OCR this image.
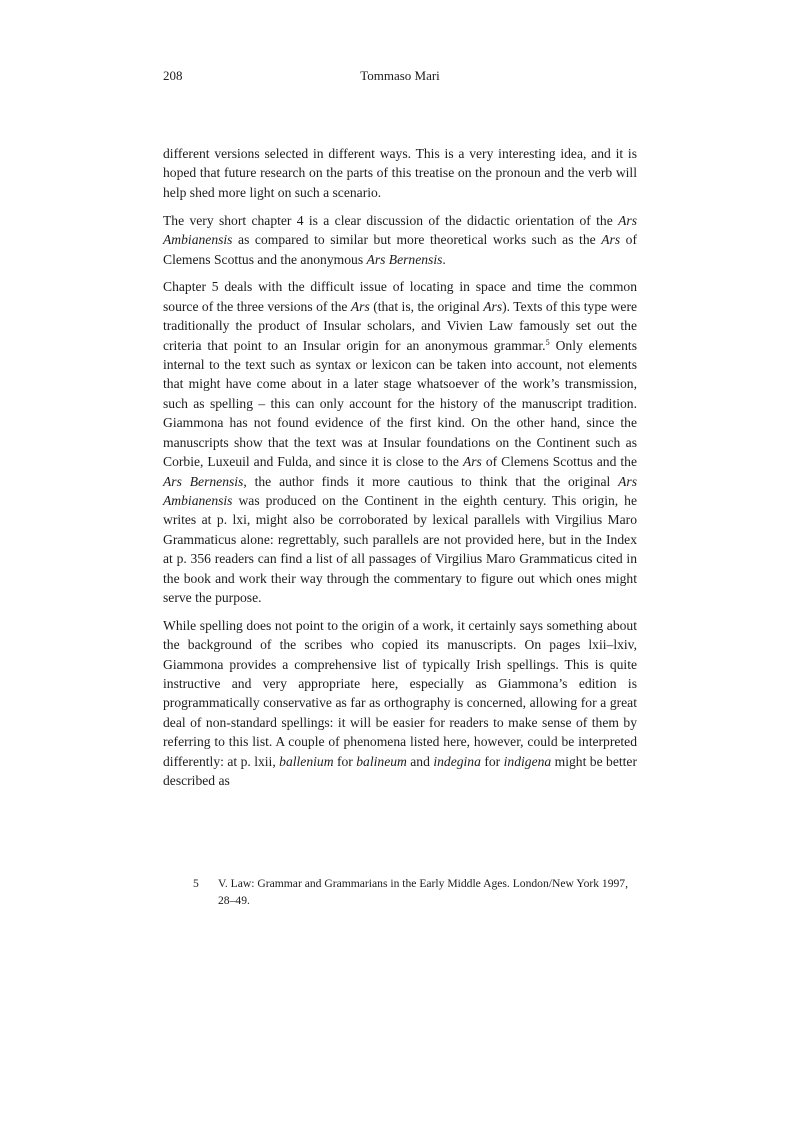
208	Tommaso Mari

different versions selected in different ways. This is a very interesting idea, and it is hoped that future research on the parts of this treatise on the pronoun and the verb will help shed more light on such a scenario.

The very short chapter 4 is a clear discussion of the didactic orientation of the Ars Ambianensis as compared to similar but more theoretical works such as the Ars of Clemens Scottus and the anonymous Ars Bernensis.

Chapter 5 deals with the difficult issue of locating in space and time the common source of the three versions of the Ars (that is, the original Ars). Texts of this type were traditionally the product of Insular scholars, and Vivien Law famously set out the criteria that point to an Insular origin for an anonymous grammar.$^5$ Only elements internal to the text such as syntax or lexicon can be taken into account, not elements that might have come about in a later stage whatsoever of the work’s transmission, such as spelling – this can only account for the history of the manuscript tradition. Giammona has not found evidence of the first kind. On the other hand, since the manuscripts show that the text was at Insular foundations on the Continent such as Corbie, Luxeuil and Fulda, and since it is close to the Ars of Clemens Scottus and the Ars Bernensis, the author finds it more cautious to think that the original Ars Ambianensis was produced on the Continent in the eighth century. This origin, he writes at p. lxi, might also be corroborated by lexical parallels with Virgilius Maro Grammaticus alone: regrettably, such parallels are not provided here, but in the Index at p. 356 readers can find a list of all passages of Virgilius Maro Grammaticus cited in the book and work their way through the commentary to figure out which ones might serve the purpose.

While spelling does not point to the origin of a work, it certainly says something about the background of the scribes who copied its manuscripts. On pages lxii–lxiv, Giammona provides a comprehensive list of typically Irish spellings. This is quite instructive and very appropriate here, especially as Giammona’s edition is programmatically conservative as far as orthography is concerned, allowing for a great deal of non-standard spellings: it will be easier for readers to make sense of them by referring to this list. A couple of phenomena listed here, however, could be interpreted differently: at p. lxii, ballenium for balineum and indegina for indigena might be better described as

5	V. Law: Grammar and Grammarians in the Early Middle Ages. London/New York 1997, 28–49.
